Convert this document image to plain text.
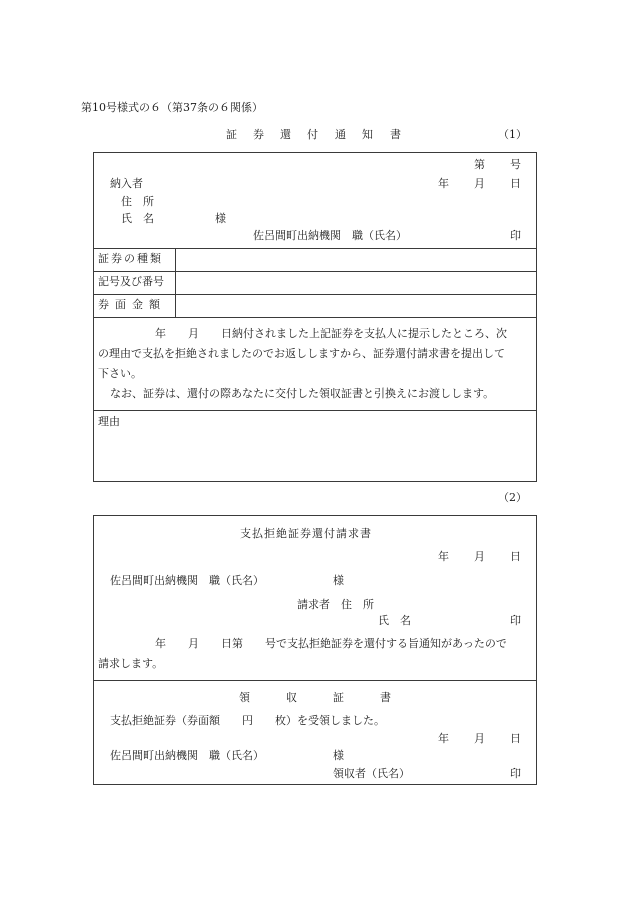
第10号様式の６（第37条の６関係）
証 券 還 付 通 知 書	（1）
第 号
納入者	年 月 日
住　所
氏　名	様
佐呂間町出納機関　職（氏名）	印
証券の種類
記号及び番号
券面金額
年　　月　　日納付されました上記証券を支払人に提示したところ、次
の理由で支払を拒絶されましたのでお返ししますから、証券還付請求書を提出して
下さい。
なお、証券は、還付の際あなたに交付した領収証書と引換えにお渡しします。
理由
（2）
支払拒絶証券還付請求書
年 月 日
佐呂間町出納機関　職（氏名）	様
請求者　住　所
氏　名	印
年　　月　　日第　　号で支払拒絶証券を還付する旨通知があったので
請求します。
領	収	証	書
支払拒絶証券（券面額　　円　　枚）を受領しました。
年 月 日
佐呂間町出納機関　職（氏名）	様
領収者（氏名）	印
